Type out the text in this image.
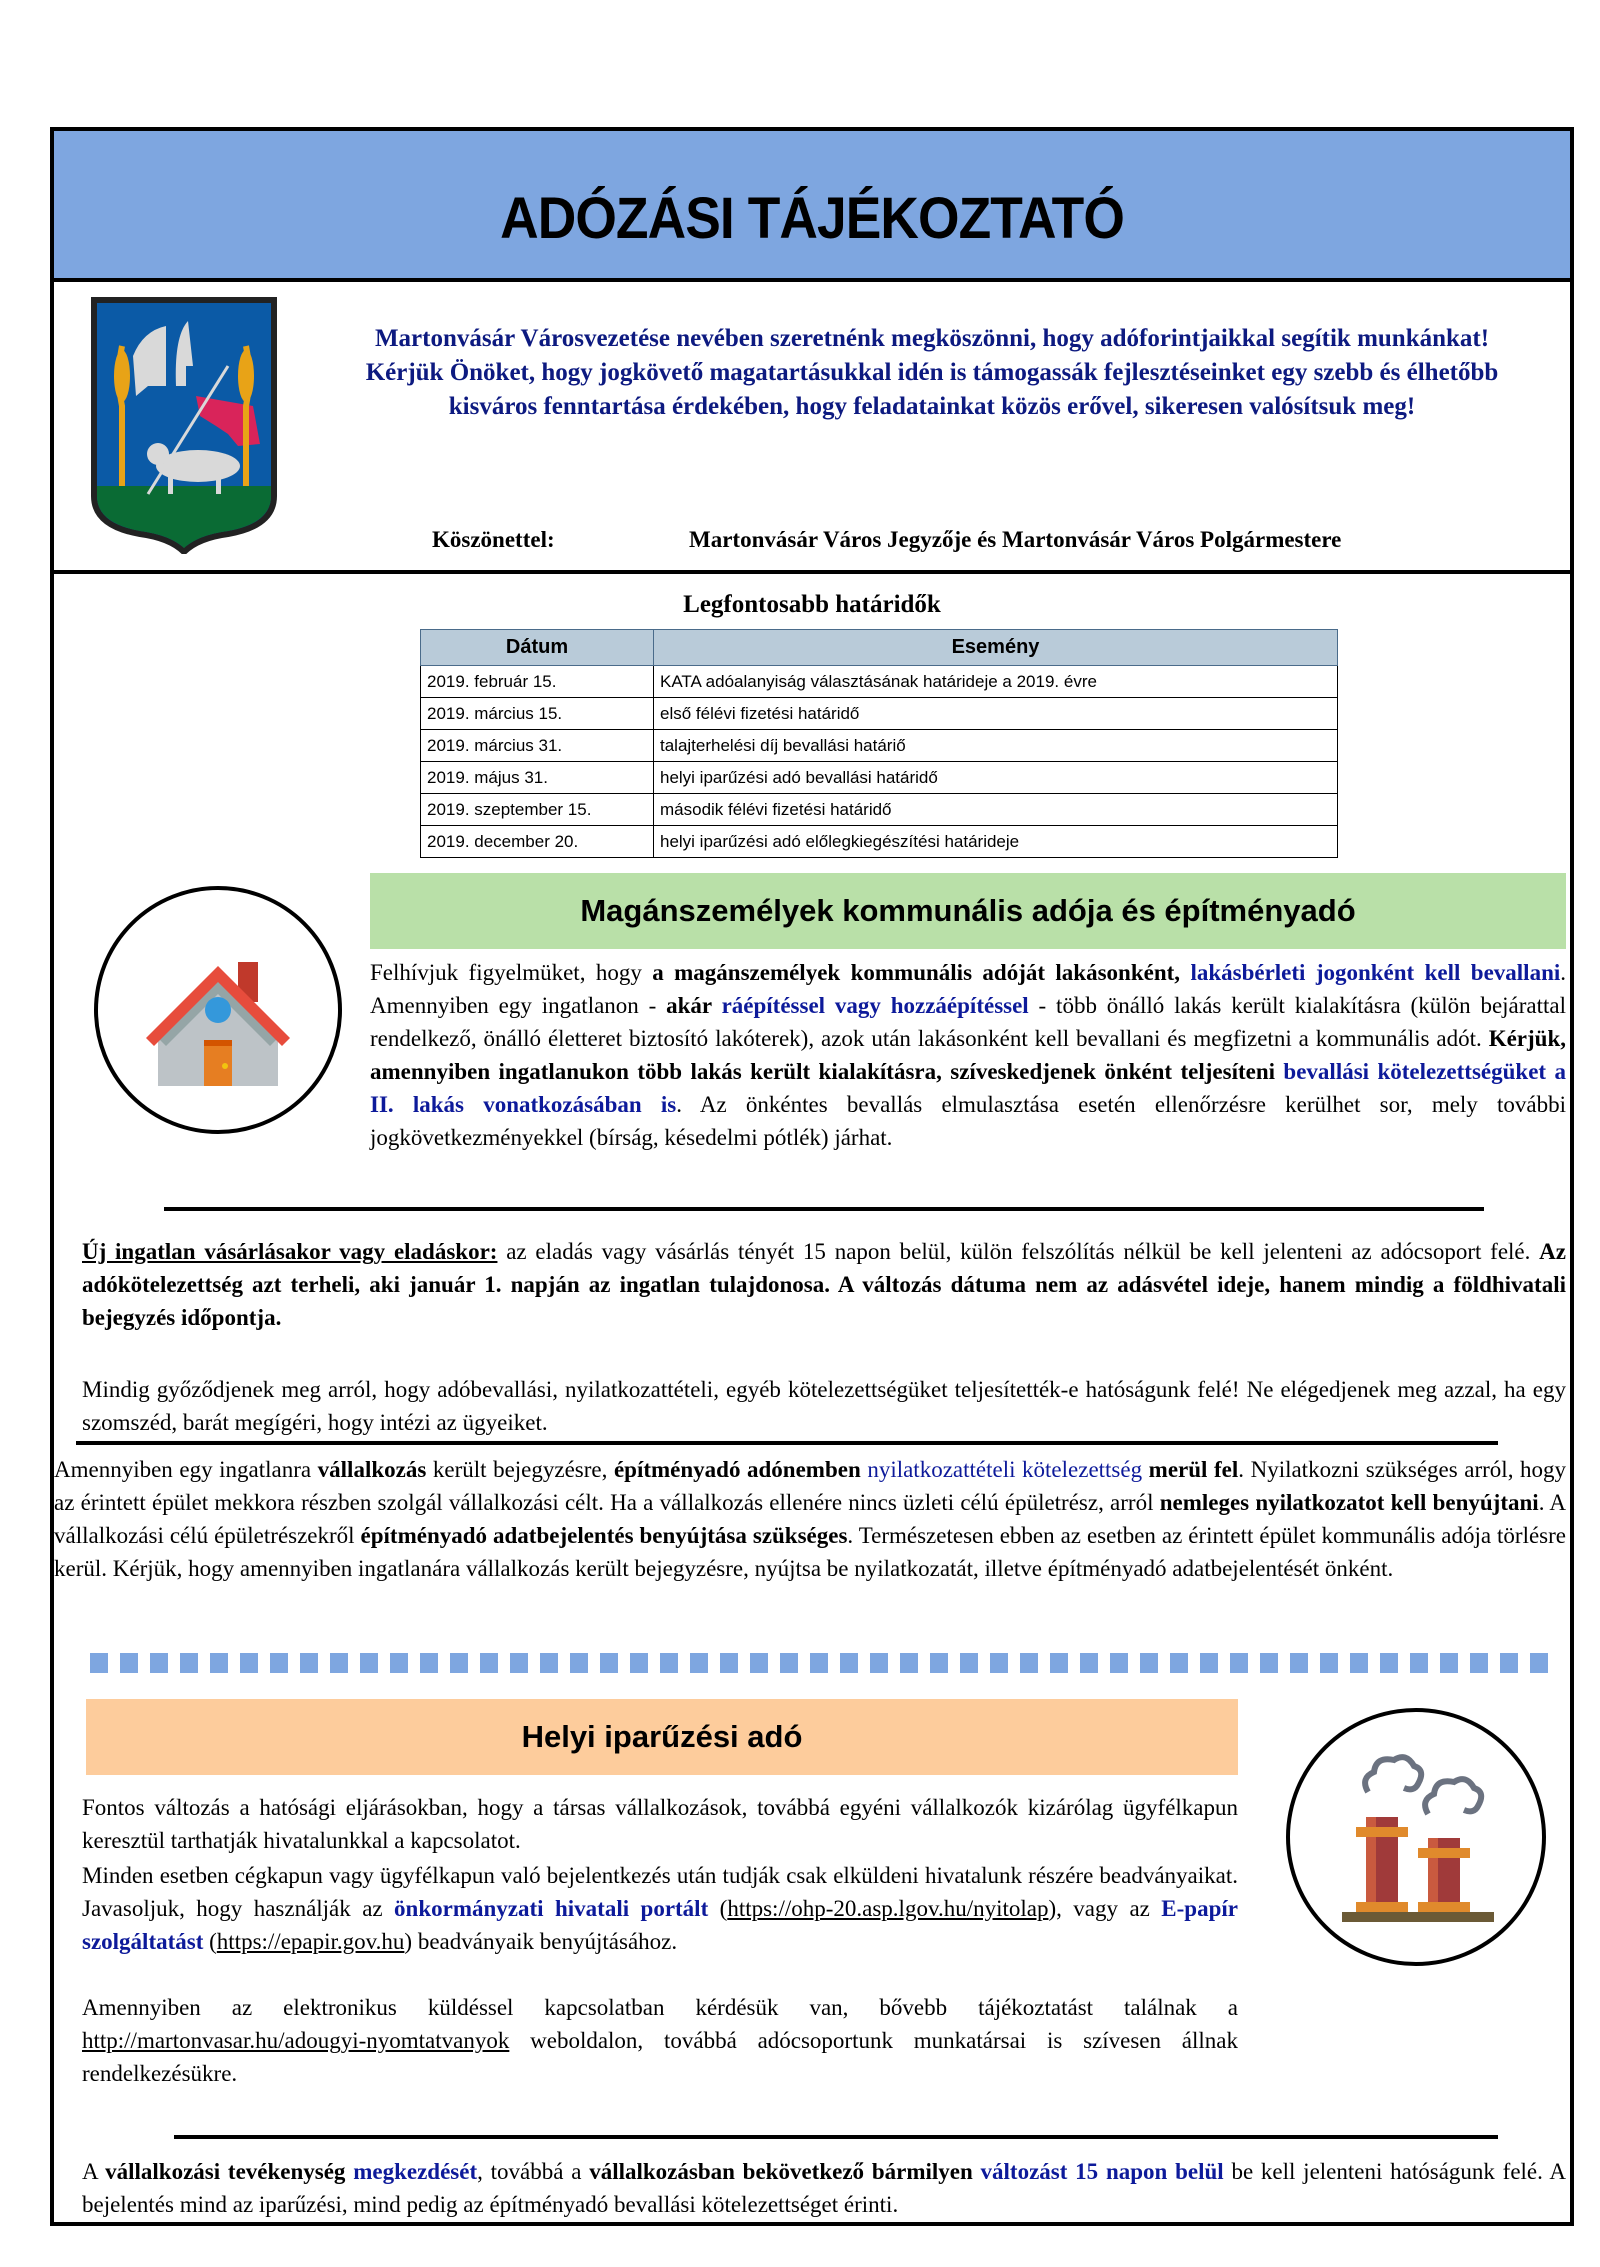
ADÓZÁSI TÁJÉKOZTATÓ
Martonvásár Városvezetése nevében szeretnénk megköszönni, hogy adóforintjaikkal segítik munkánkat!
Kérjük Önöket, hogy jogkövető magatartásukkal idén is támogassák fejlesztéseinket egy szebb és élhetőbb kisváros fenntartása érdekében, hogy feladatainkat közös erővel, sikeresen valósítsuk meg!
Köszönettel:	Martonvásár Város Jegyzője és Martonvásár Város Polgármestere
Legfontosabb határidők
Dátum	Esemény
2019. február 15.	KATA adóalanyiság választásának határideje a 2019. évre
2019. március 15.	első félévi fizetési határidő
2019. március 31.	talajterhelési díj bevallási határiő
2019. május 31.	helyi iparűzési adó bevallási határidő
2019. szeptember 15.	második félévi fizetési határidő
2019. december 20.	helyi iparűzési adó előlegkiegészítési határideje
Magánszemélyek kommunális adója és építményadó
Felhívjuk figyelmüket, hogy a magánszemélyek kommunális adóját lakásonként, lakásbérleti jogonként kell bevallani. Amennyiben egy ingatlanon - akár ráépítéssel vagy hozzáépítéssel - több önálló lakás került kialakításra (külön bejárattal rendelkező, önálló életteret biztosító lakóterek), azok után lakásonként kell bevallani és megfizetni a kommunális adót. Kérjük, amennyiben ingatlanukon több lakás került kialakításra, szíveskedjenek önként teljesíteni bevallási kötelezettségüket a II. lakás vonatkozásában is. Az önkéntes bevallás elmulasztása esetén ellenőrzésre kerülhet sor, mely további jogkövetkezményekkel (bírság, késedelmi pótlék) járhat.
Új ingatlan vásárlásakor vagy eladáskor: az eladás vagy vásárlás tényét 15 napon belül, külön felszólítás nélkül be kell jelenteni az adócsoport felé. Az adókötelezettség azt terheli, aki január 1. napján az ingatlan tulajdonosa. A változás dátuma nem az adásvétel ideje, hanem mindig a földhivatali bejegyzés időpontja.
Mindig győződjenek meg arról, hogy adóbevallási, nyilatkozattételi, egyéb kötelezettségüket teljesítették-e hatóságunk felé! Ne elégedjenek meg azzal, ha egy szomszéd, barát megígéri, hogy intézi az ügyeiket.
Amennyiben egy ingatlanra vállalkozás került bejegyzésre, építményadó adónemben nyilatkozattételi kötelezettség merül fel. Nyilatkozni szükséges arról, hogy az érintett épület mekkora részben szolgál vállalkozási célt. Ha a vállalkozás ellenére nincs üzleti célú épületrész, arról nemleges nyilatkozatot kell benyújtani. A vállalkozási célú épületrészekről építményadó adatbejelentés benyújtása szükséges. Természetesen ebben az esetben az érintett épület kommunális adója törlésre kerül. Kérjük, hogy amennyiben ingatlanára vállalkozás került bejegyzésre, nyújtsa be nyilatkozatát, illetve építményadó adatbejelentését önként.
Helyi iparűzési adó
Fontos változás a hatósági eljárásokban, hogy a társas vállalkozások, továbbá egyéni vállalkozók kizárólag ügyfélkapun keresztül tarthatják hivatalunkkal a kapcsolatot.
Minden esetben cégkapun vagy ügyfélkapun való bejelentkezés után tudják csak elküldeni hivatalunk részére beadványaikat. Javasoljuk, hogy használják az önkormányzati hivatali portált (https://ohp-20.asp.lgov.hu/nyitolap), vagy az E-papír szolgáltatást (https://epapir.gov.hu) beadványaik benyújtásához.
Amennyiben az elektronikus küldéssel kapcsolatban kérdésük van, bővebb tájékoztatást találnak a http://martonvasar.hu/adougyi-nyomtatvanyok weboldalon, továbbá adócsoportunk munkatársai is szívesen állnak rendelkezésükre.
A vállalkozási tevékenység megkezdését, továbbá a vállalkozásban bekövetkező bármilyen változást 15 napon belül be kell jelenteni hatóságunk felé. A bejelentés mind az iparűzési, mind pedig az építményadó bevallási kötelezettséget érinti.
